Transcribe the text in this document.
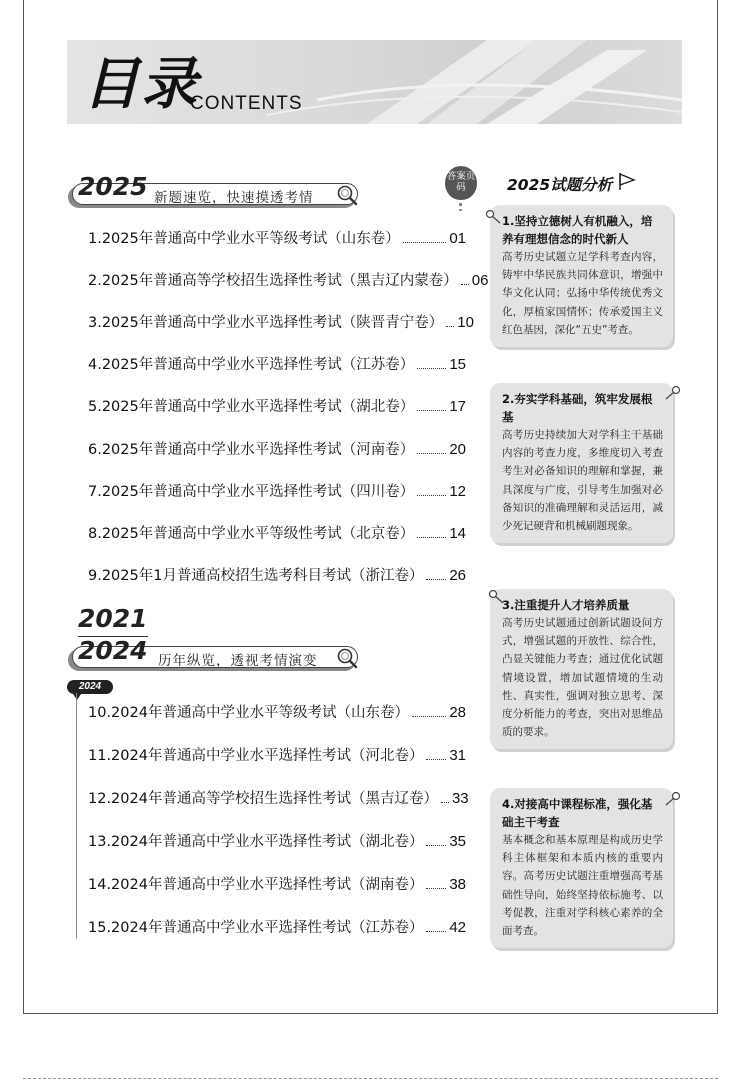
目录
CONTENTS
2025 新题速览，快速摸透考情
答案页码
1.2025年普通高中学业水平等级考试（山东卷）	01
2.2025年普通高等学校招生选择性考试（黑吉辽内蒙卷） 06
3.2025年普通高中学业水平选择性考试（陕晋青宁卷） 10
4.2025年普通高中学业水平选择性考试（江苏卷） 15
5.2025年普通高中学业水平选择性考试（湖北卷） 17
6.2025年普通高中学业水平选择性考试（河南卷） 20
7.2025年普通高中学业水平选择性考试（四川卷） 12
8.2025年普通高中学业水平等级性考试（北京卷） 14
9.2025年1月普通高校招生选考科目考试（浙江卷） 26
2021
2024 历年纵览，透视考情演变
2024
10.2024年普通高中学业水平等级考试（山东卷）	28
11.2024年普通高中学业水平选择性考试（河北卷） 31
12.2024年普通高等学校招生选择性考试（黑吉辽卷） 33
13.2024年普通高中学业水平选择性考试（湖北卷） 35
14.2024年普通高中学业水平选择性考试（湖南卷） 38
15.2024年普通高中学业水平选择性考试（江苏卷） 42
2025试题分析
1.坚持立德树人有机融入，培养有理想信念的时代新人
高考历史试题立足学科考查内容，铸牢中华民族共同体意识，增强中华文化认同；弘扬中华传统优秀文化，厚植家国情怀；传承爱国主义红色基因，深化“五史”考查。
2.夯实学科基础，筑牢发展根基
高考历史持续加大对学科主干基础内容的考查力度，多维度切入考查考生对必备知识的理解和掌握，兼具深度与广度，引导考生加强对必备知识的准确理解和灵活运用，减少死记硬背和机械刷题现象。
3.注重提升人才培养质量
高考历史试题通过创新试题设问方式，增强试题的开放性、综合性，凸显关键能力考查；通过优化试题情境设置，增加试题情境的生动性、真实性，强调对独立思考、深度分析能力的考查，突出对思维品质的要求。
4.对接高中课程标准，强化基础主干考查
基本概念和基本原理是构成历史学科主体框架和本质内核的重要内容。高考历史试题注重增强高考基础性导向，始终坚持依标施考、以考促教，注重对学科核心素养的全面考查。
